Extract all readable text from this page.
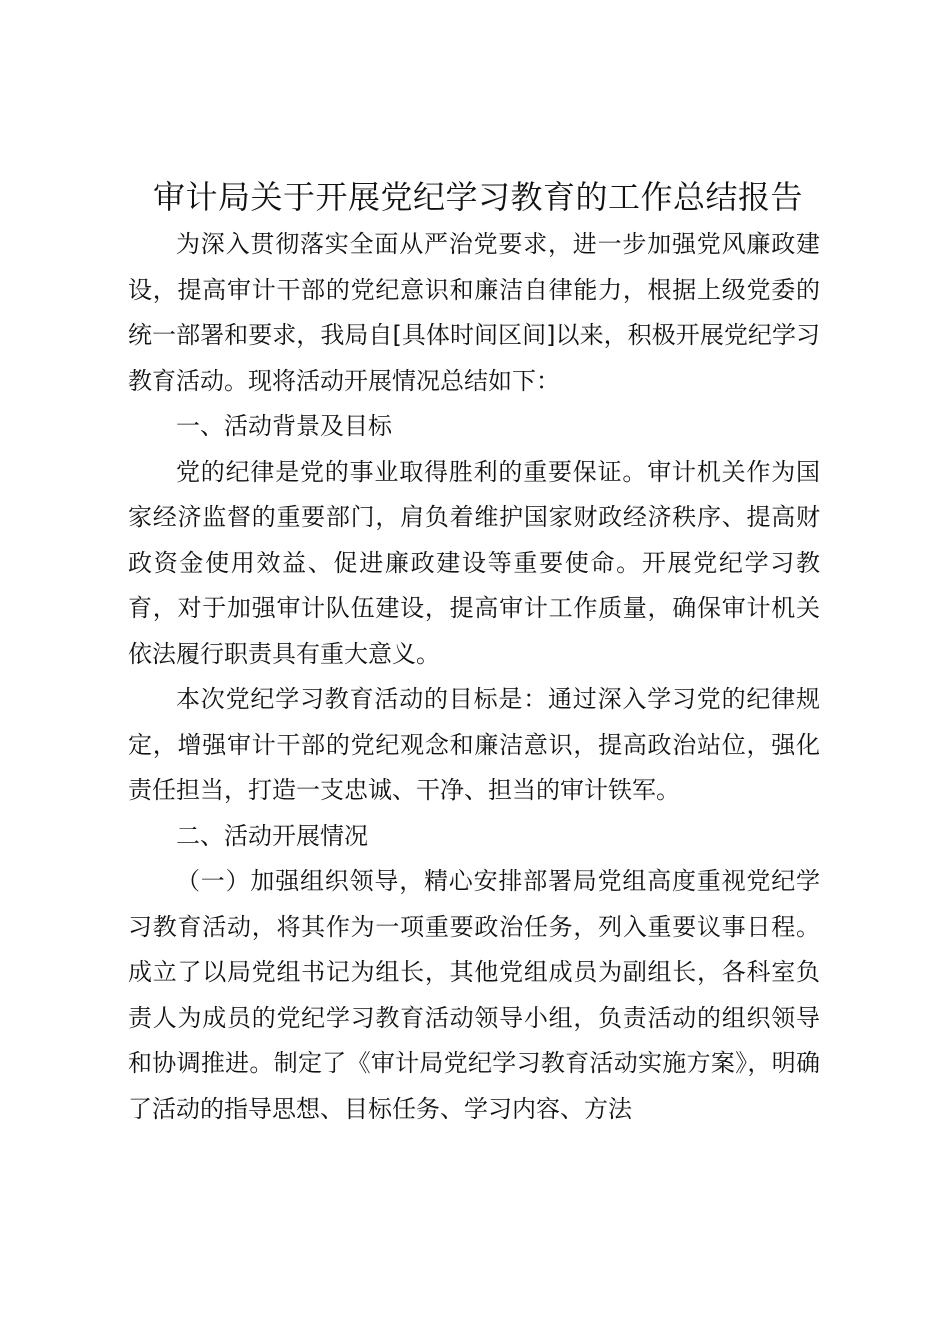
审计局关于开展党纪学习教育的工作总结报告

为深入贯彻落实全面从严治党要求，进一步加强党风廉政建设，提高审计干部的党纪意识和廉洁自律能力，根据上级党委的统一部署和要求，我局自[具体时间区间]以来，积极开展党纪学习教育活动。现将活动开展情况总结如下：

一、活动背景及目标

党的纪律是党的事业取得胜利的重要保证。审计机关作为国家经济监督的重要部门，肩负着维护国家财政经济秩序、提高财政资金使用效益、促进廉政建设等重要使命。开展党纪学习教育，对于加强审计队伍建设，提高审计工作质量，确保审计机关依法履行职责具有重大意义。

本次党纪学习教育活动的目标是：通过深入学习党的纪律规定，增强审计干部的党纪观念和廉洁意识，提高政治站位，强化责任担当，打造一支忠诚、干净、担当的审计铁军。

二、活动开展情况

（一）加强组织领导，精心安排部署局党组高度重视党纪学习教育活动，将其作为一项重要政治任务，列入重要议事日程。成立了以局党组书记为组长，其他党组成员为副组长，各科室负责人为成员的党纪学习教育活动领导小组，负责活动的组织领导和协调推进。制定了《审计局党纪学习教育活动实施方案》，明确了活动的指导思想、目标任务、学习内容、方法
